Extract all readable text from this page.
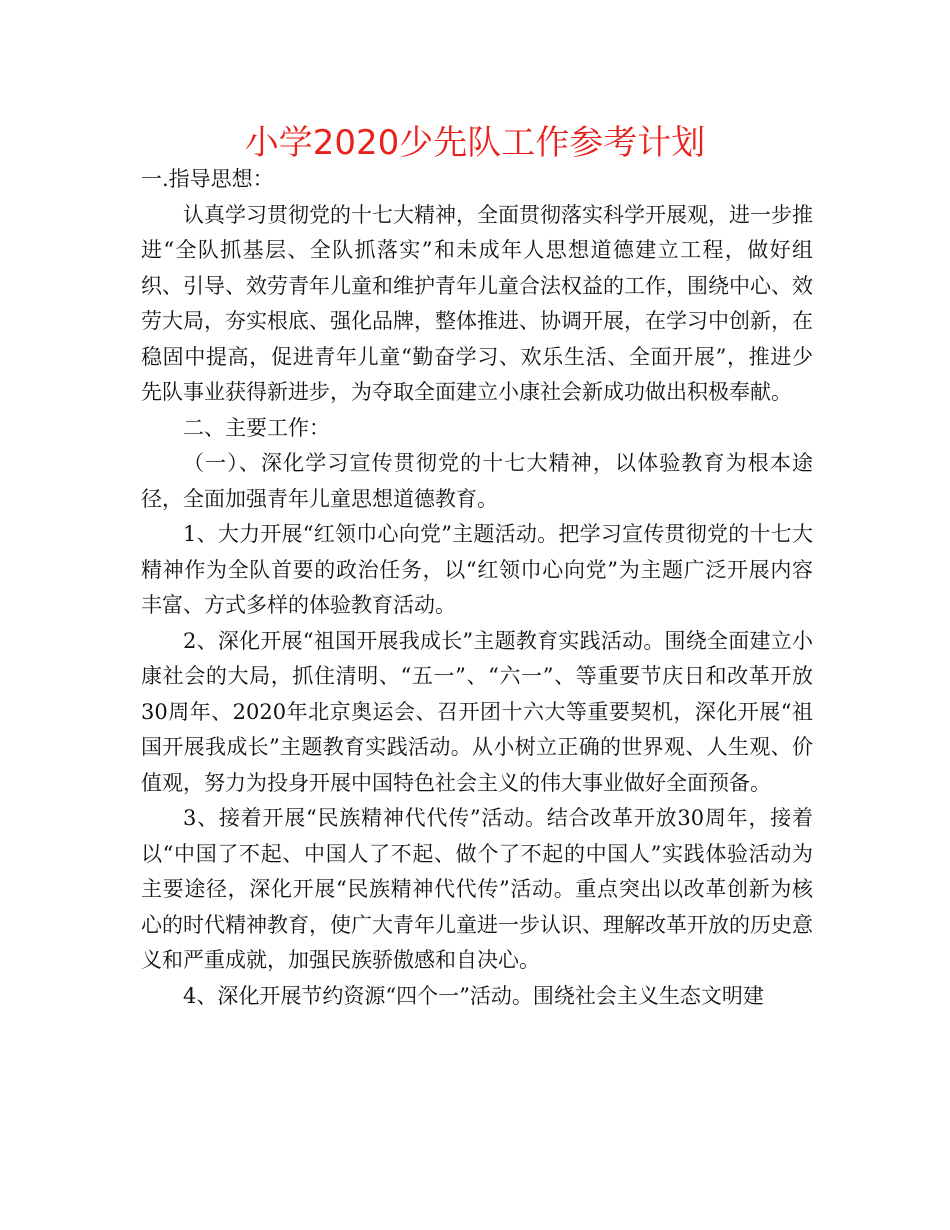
小学2020少先队工作参考计划

一.指导思想：

认真学习贯彻党的十七大精神，全面贯彻落实科学开展观，进一步推进“全队抓基层、全队抓落实”和未成年人思想道德建立工程，做好组织、引导、效劳青年儿童和维护青年儿童合法权益的工作，围绕中心、效劳大局，夯实根底、强化品牌，整体推进、协调开展，在学习中创新，在稳固中提高，促进青年儿童“勤奋学习、欢乐生活、全面开展”，推进少先队事业获得新进步，为夺取全面建立小康社会新成功做出积极奉献。

二、主要工作：

（一）、深化学习宣传贯彻党的十七大精神，以体验教育为根本途径，全面加强青年儿童思想道德教育。

1、大力开展“红领巾心向党”主题活动。把学习宣传贯彻党的十七大精神作为全队首要的政治任务，以“红领巾心向党”为主题广泛开展内容丰富、方式多样的体验教育活动。

2、深化开展“祖国开展我成长”主题教育实践活动。围绕全面建立小康社会的大局，抓住清明、“五一”、“六一”、等重要节庆日和改革开放30周年、2020年北京奥运会、召开团十六大等重要契机，深化开展“祖国开展我成长”主题教育实践活动。从小树立正确的世界观、人生观、价值观，努力为投身开展中国特色社会主义的伟大事业做好全面预备。

3、接着开展“民族精神代代传”活动。结合改革开放30周年，接着以“中国了不起、中国人了不起、做个了不起的中国人”实践体验活动为主要途径，深化开展“民族精神代代传”活动。重点突出以改革创新为核心的时代精神教育，使广大青年儿童进一步认识、理解改革开放的历史意义和严重成就，加强民族骄傲感和自决心。

4、深化开展节约资源“四个一”活动。围绕社会主义生态文明建
